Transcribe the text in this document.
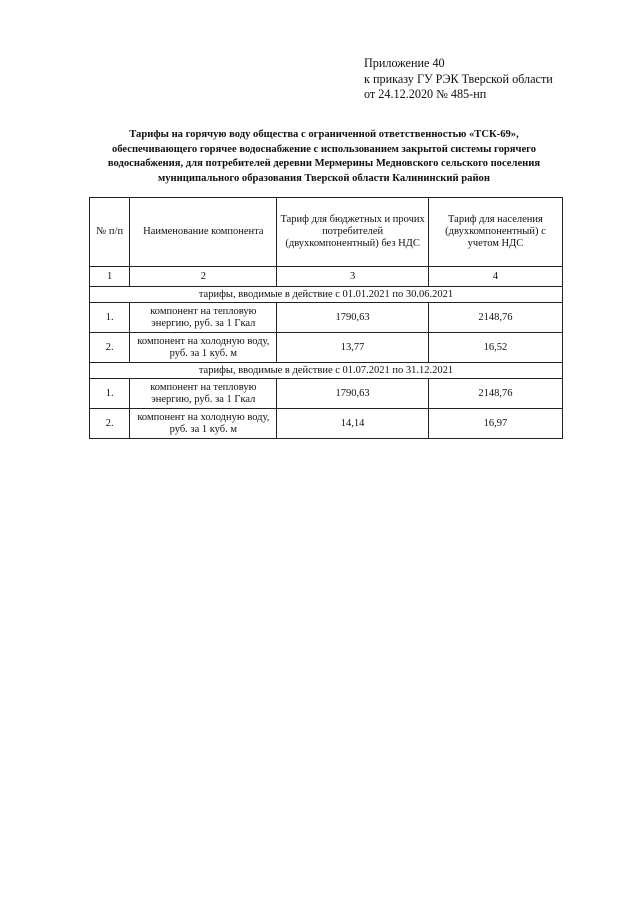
Приложение 40
к приказу ГУ РЭК Тверской области
от 24.12.2020 № 485-нп
Тарифы на горячую воду общества с ограниченной ответственностью «ТСК-69»,
обеспечивающего горячее водоснабжение с использованием закрытой системы горячего
водоснабжения, для потребителей деревни Мермерины Медновского сельского поселения
муниципального образования Тверской области Калининский район
№ п/п	Наименование компонента	Тариф для бюджетных и прочих потребителей (двухкомпонентный) без НДС	Тариф для населения (двухкомпонентный) с учетом НДС
1	2	3	4
тарифы, вводимые в действие с 01.01.2021 по 30.06.2021			
1.	компонент на тепловую энергию, руб. за 1 Гкал	1790,63	2148,76
2.	компонент на холодную воду, руб. за 1 куб. м	13,77	16,52
тарифы, вводимые в действие с 01.07.2021 по 31.12.2021			
1.	компонент на тепловую энергию, руб. за 1 Гкал	1790,63	2148,76
2.	компонент на холодную воду, руб. за 1 куб. м	14,14	16,97
